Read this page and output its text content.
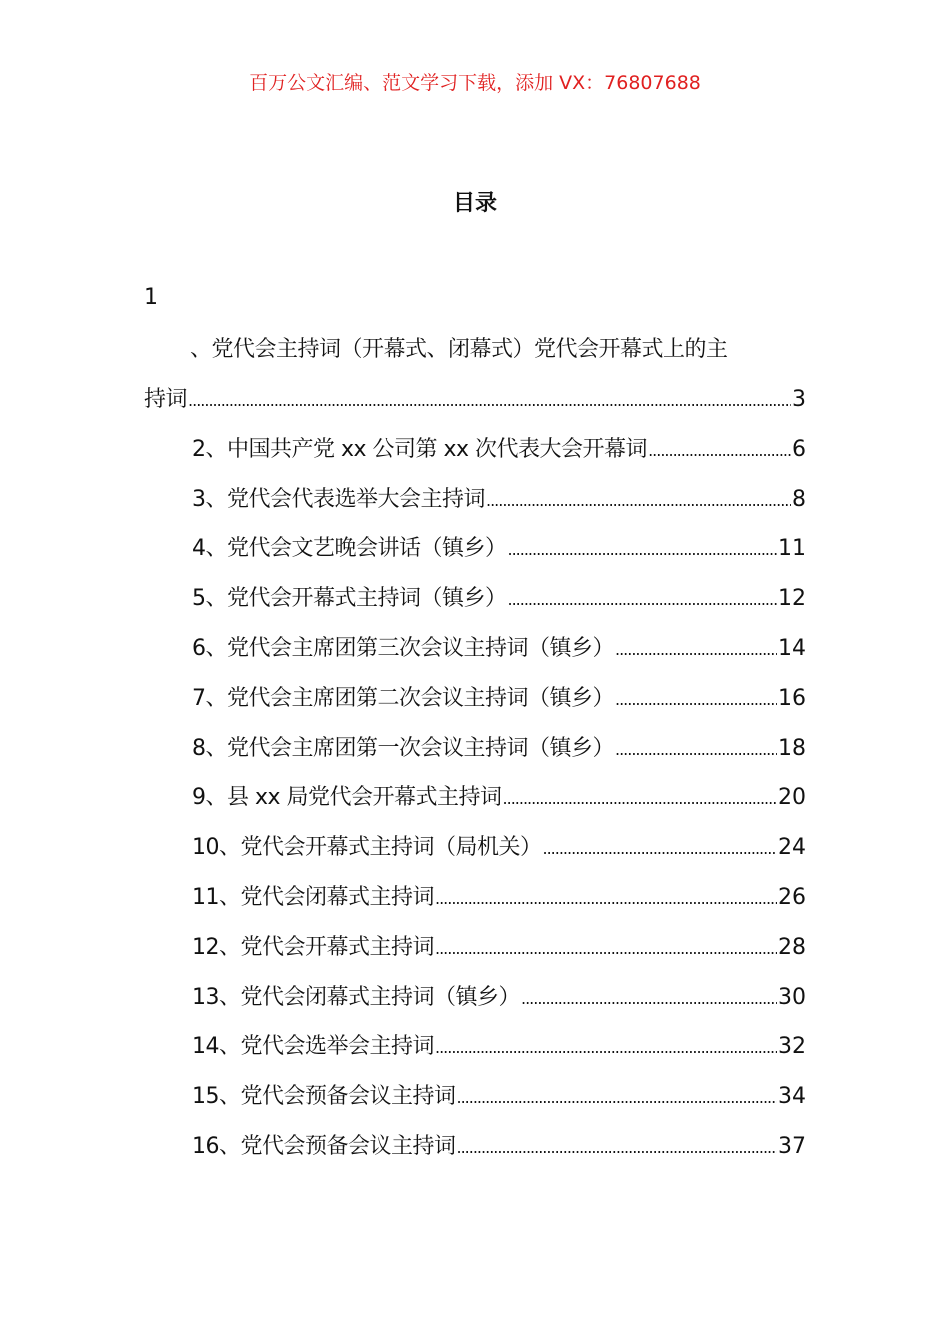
百万公文汇编、范文学习下载，添加 VX：76807688
目录
1
、党代会主持词（开幕式、闭幕式）党代会开幕式上的主
持词 .....	3
2、中国共产党 xx 公司第 xx 次代表大会开幕词 .....	6
3、党代会代表选举大会主持词 .....	8
4、党代会文艺晚会讲话（镇乡） .....	11
5、党代会开幕式主持词（镇乡） .....	12
6、党代会主席团第三次会议主持词（镇乡） .....	14
7、党代会主席团第二次会议主持词（镇乡） .....	16
8、党代会主席团第一次会议主持词（镇乡） .....	18
9、县 xx 局党代会开幕式主持词 .....	20
10、党代会开幕式主持词（局机关） .....	24
11、党代会闭幕式主持词 .....	26
12、党代会开幕式主持词 .....	28
13、党代会闭幕式主持词（镇乡） .....	30
14、党代会选举会主持词 .....	32
15、党代会预备会议主持词 .....	34
16、党代会预备会议主持词 .....	37
